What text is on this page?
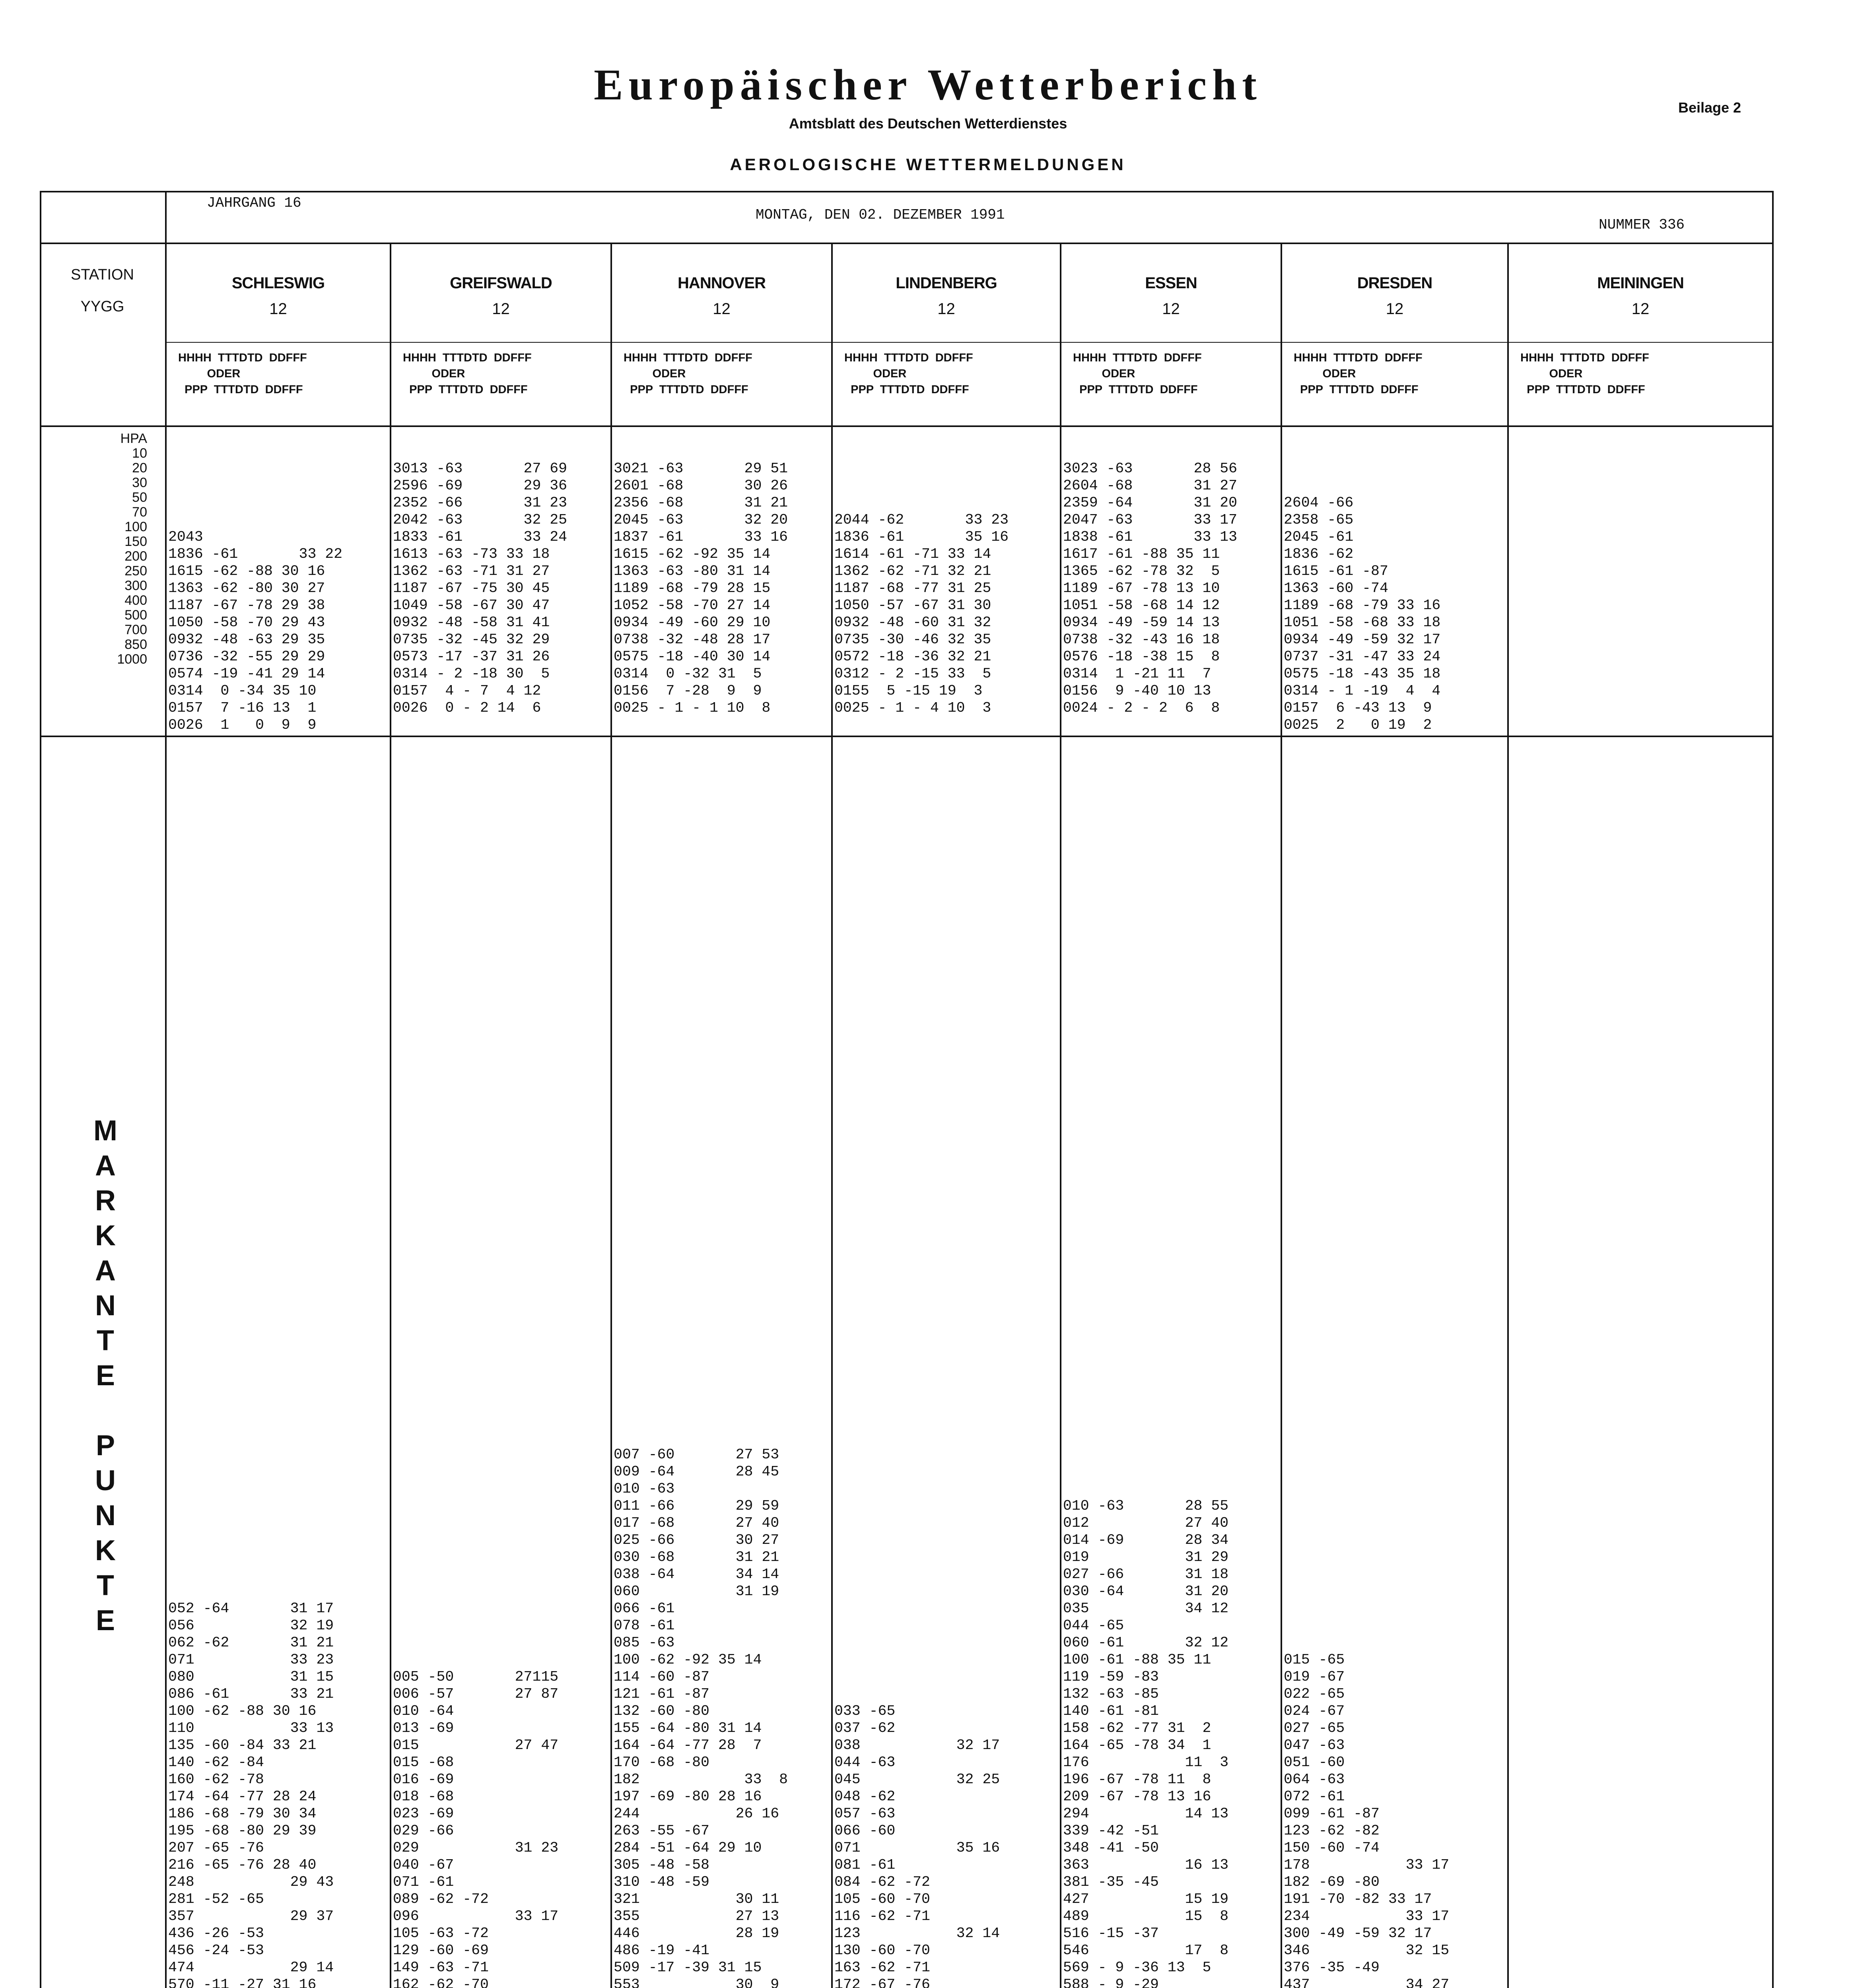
Europäischer Wetterbericht
Amtsblatt des Deutschen Wetterdienstes
Beilage 2
AEROLOGISCHE WETTERMELDUNGEN
JAHRGANG 16
MONTAG, DEN 02. DEZEMBER 1991
NUMMER 336
STATION
YYGG
HPA
10
20
30
50
70
100
150
200
250
300
400
500
700
850
1000
M
A
R
K
A
N
T
E

P
U
N
K
T
E
SCHLESWIG
12
HHHH  TTTDTD  DDFFF
ODER
PPP  TTTDTD  DDFFF

2043
1836 -61       33 22
1615 -62 -88 30 16
1363 -62 -80 30 27
1187 -67 -78 29 38
1050 -58 -70 29 43
0932 -48 -63 29 35
0736 -32 -55 29 29
0574 -19 -41 29 14
0314  0 -34 35 10
0157  7 -16 13  1
0026  1   0  9  9
052 -64       31 17
056           32 19
062 -62       31 21
071           33 23
080           31 15
086 -61       33 21
100 -62 -88 30 16
110           33 13
135 -60 -84 33 21
140 -62 -84
160 -62 -78
174 -64 -77 28 24
186 -68 -79 30 34
195 -68 -80 29 39
207 -65 -76
216 -65 -76 28 40
248           29 43
281 -52 -65
357           29 37
436 -26 -53
456 -24 -53
474           29 14
570 -11 -27 31 16

GREIFSWALD
12
HHHH  TTTDTD  DDFFF
ODER
PPP  TTTDTD  DDFFF
3013 -63       27 69
2596 -69       29 36
2352 -66       31 23
2042 -63       32 25
1833 -61       33 24
1613 -63 -73 33 18
1362 -63 -71 31 27
1187 -67 -75 30 45
1049 -58 -67 30 47
0932 -48 -58 31 41
0735 -32 -45 32 29
0573 -17 -37 31 26
0314 - 2 -18 30  5
0157  4 - 7  4 12
0026  0 - 2 14  6
005 -50       27115
006 -57       27 87
010 -64
013 -69
015           27 47
015 -68
016 -69
018 -68
023 -69
029 -66
029           31 23
040 -67
071 -61
089 -62 -72
096           33 17
105 -63 -72
129 -60 -69
149 -63 -71
162 -62 -70

HANNOVER
12
HHHH  TTTDTD  DDFFF
ODER
PPP  TTTDTD  DDFFF
3021 -63       29 51
2601 -68       30 26
2356 -68       31 21
2045 -63       32 20
1837 -61       33 16
1615 -62 -92 35 14
1363 -63 -80 31 14
1189 -68 -79 28 15
1052 -58 -70 27 14
0934 -49 -60 29 10
0738 -32 -48 28 17
0575 -18 -40 30 14
0314  0 -32 31  5
0156  7 -28  9  9
0025 - 1 - 1 10  8
007 -60       27 53
009 -64       28 45
010 -63
011 -66       29 59
017 -68       27 40
025 -66       30 27
030 -68       31 21
038 -64       34 14
060           31 19
066 -61
078 -61
085 -63
100 -62 -92 35 14
114 -60 -87
121 -61 -87
132 -60 -80
155 -64 -80 31 14
164 -64 -77 28  7
170 -68 -80
182            33  8
197 -69 -80 28 16
244           26 16
263 -55 -67
284 -51 -64 29 10
305 -48 -58
310 -48 -59
321           30 11
355           27 13
446           28 19
486 -19 -41
509 -17 -39 31 15
553           30  9

LINDENBERG
12
HHHH  TTTDTD  DDFFF
ODER
PPP  TTTDTD  DDFFF

2044 -62       33 23
1836 -61       35 16
1614 -61 -71 33 14
1362 -62 -71 32 21
1187 -68 -77 31 25
1050 -57 -67 31 30
0932 -48 -60 31 32
0735 -30 -46 32 35
0572 -18 -36 32 21
0312 - 2 -15 33  5
0155  5 -15 19  3
0025 - 1 - 4 10  3
033 -65
037 -62
038           32 17
044 -63
045           32 25
048 -62
057 -63
066 -60
071           35 16
081 -61
084 -62 -72
105 -60 -70
116 -62 -71
123           32 14
130 -60 -70
163 -62 -71
172 -67 -76

ESSEN
12
HHHH  TTTDTD  DDFFF
ODER
PPP  TTTDTD  DDFFF
3023 -63       28 56
2604 -68       31 27
2359 -64       31 20
2047 -63       33 17
1838 -61       33 13
1617 -61 -88 35 11
1365 -62 -78 32  5
1189 -67 -78 13 10
1051 -58 -68 14 12
0934 -49 -59 14 13
0738 -32 -43 16 18
0576 -18 -38 15  8
0314  1 -21 11  7
0156  9 -40 10 13
0024 - 2 - 2  6  8
010 -63       28 55
012           27 40
014 -69       28 34
019           31 29
027 -66       31 18
030 -64       31 20
035           34 12
044 -65
060 -61       32 12
100 -61 -88 35 11
119 -59 -83
132 -63 -85
140 -61 -81
158 -62 -77 31  2
164 -65 -78 34  1
176           11  3
196 -67 -78 11  8
209 -67 -78 13 16
294           14 13
339 -42 -51
348 -41 -50
363           16 13
381 -35 -45
427           15 19
489           15  8
516 -15 -37
546           17  8
569 - 9 -36 13  5
588 - 9 -29

DRESDEN
12
HHHH  TTTDTD  DDFFF
ODER
PPP  TTTDTD  DDFFF

2604 -66
2358 -65
2045 -61
1836 -62
1615 -61 -87
1363 -60 -74
1189 -68 -79 33 16
1051 -58 -68 33 18
0934 -49 -59 32 17
0737 -31 -47 33 24
0575 -18 -43 35 18
0314 - 1 -19  4  4
0157  6 -43 13  9
0025  2   0 19  2
015 -65
019 -67
022 -65
024 -67
027 -65
047 -63
051 -60
064 -63
072 -61
099 -61 -87
123 -62 -82
150 -60 -74
178           33 17
182 -69 -80
191 -70 -82 33 17
234           33 17
300 -49 -59 32 17
346           32 15
376 -35 -49
437           34 27

MEININGEN
12
HHHH  TTTDTD  DDFFF
ODER
PPP  TTTDTD  DDFFF
